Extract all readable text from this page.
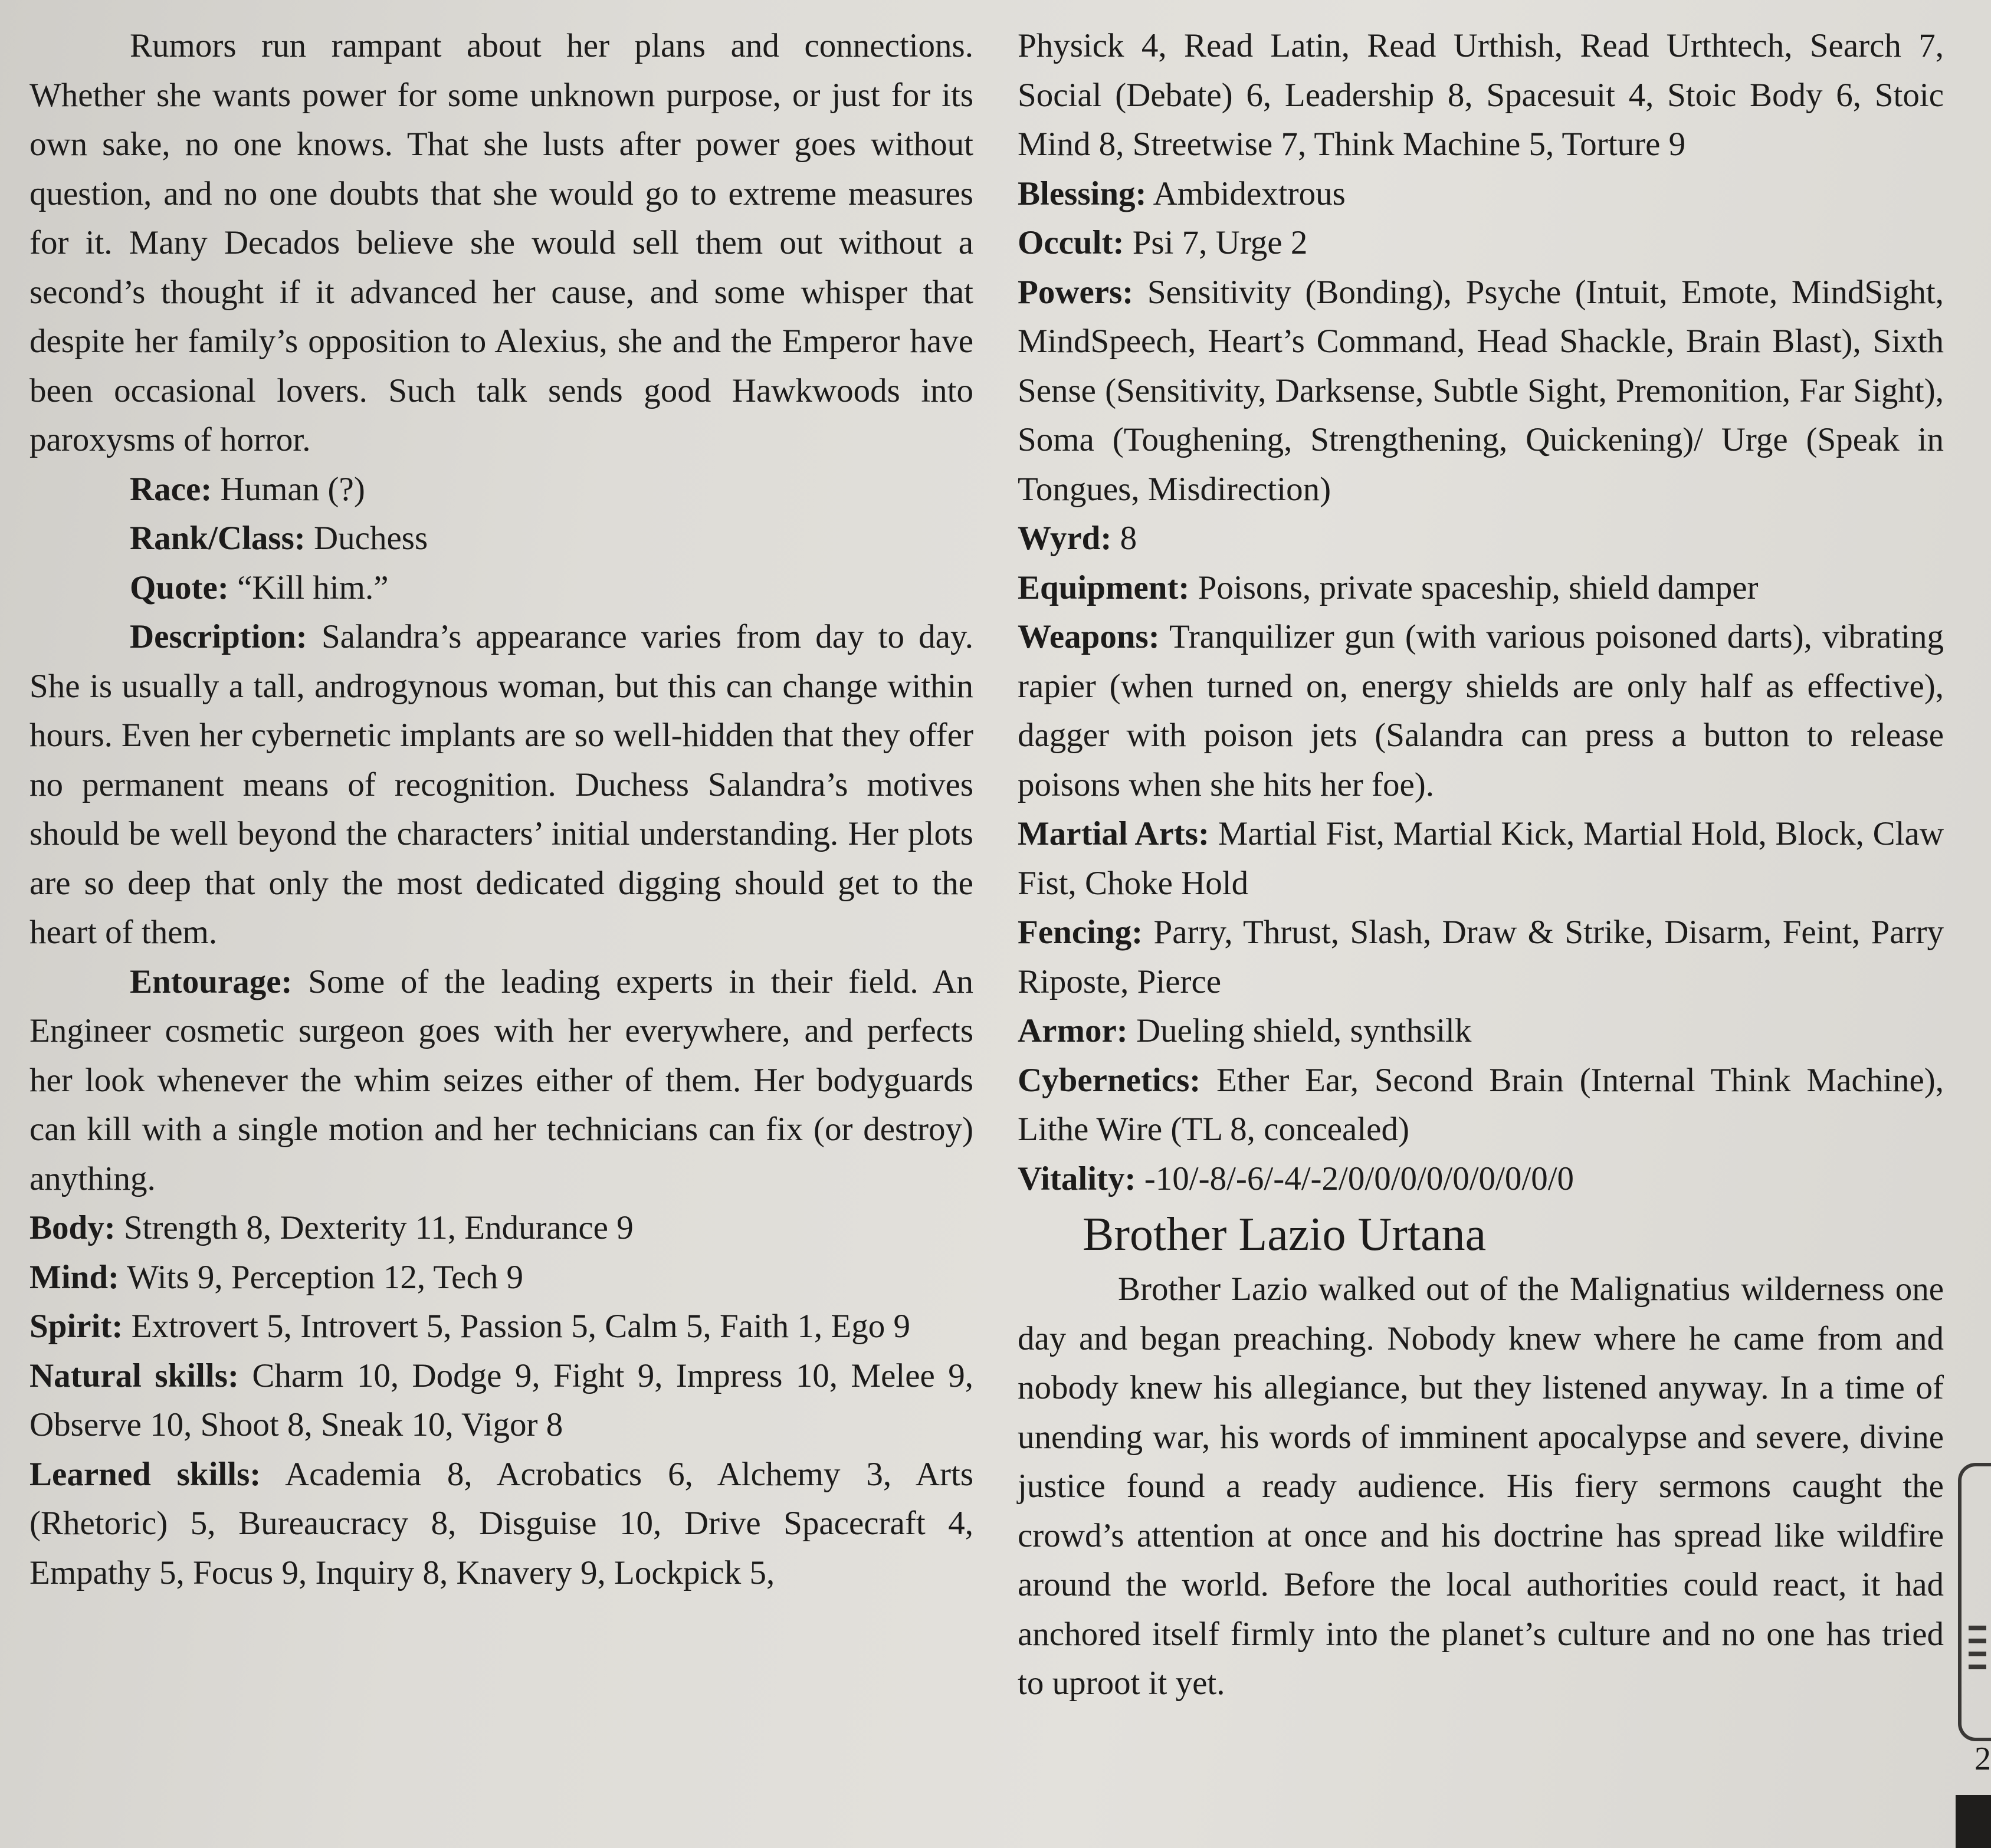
Rumors run rampant about her plans and connections. Whether she wants power for some unknown purpose, or just for its own sake, no one knows. That she lusts after power goes without question, and no one doubts that she would go to extreme measures for it. Many Decados believe she would sell them out without a second’s thought if it advanced her cause, and some whisper that despite her family’s opposition to Alexius, she and the Emperor have been occasional lovers. Such talk sends good Hawkwoods into paroxysms of horror.

Race: Human (?)

Rank/Class: Duchess

Quote: “Kill him.”

Description: Salandra’s appearance varies from day to day. She is usually a tall, androgynous woman, but this can change within hours. Even her cybernetic implants are so well-hidden that they offer no permanent means of recognition. Duchess Salandra’s motives should be well beyond the characters’ initial understanding. Her plots are so deep that only the most dedicated digging should get to the heart of them.

Entourage: Some of the leading experts in their field. An Engineer cosmetic surgeon goes with her everywhere, and perfects her look whenever the whim seizes either of them. Her bodyguards can kill with a single motion and her technicians can fix (or destroy) anything.

Body: Strength 8, Dexterity 11, Endurance 9

Mind: Wits 9, Perception 12, Tech 9

Spirit: Extrovert 5, Introvert 5, Passion 5, Calm 5, Faith 1, Ego 9

Natural skills: Charm 10, Dodge 9, Fight 9, Impress 10, Melee 9, Observe 10, Shoot 8, Sneak 10, Vigor 8

Learned skills: Academia 8, Acrobatics 6, Alchemy 3, Arts (Rhetoric) 5, Bureaucracy 8, Disguise 10, Drive Spacecraft 4, Empathy 5, Focus 9, Inquiry 8, Knavery 9, Lockpick 5,

Physick 4, Read Latin, Read Urthish, Read Urthtech, Search 7, Social (Debate) 6, Leadership 8, Spacesuit 4, Stoic Body 6, Stoic Mind 8, Streetwise 7, Think Machine 5, Torture 9

Blessing: Ambidextrous

Occult: Psi 7, Urge 2

Powers: Sensitivity (Bonding), Psyche (Intuit, Emote, MindSight, MindSpeech, Heart’s Command, Head Shackle, Brain Blast), Sixth Sense (Sensitivity, Darksense, Subtle Sight, Premonition, Far Sight), Soma (Toughening, Strengthening, Quickening)/ Urge (Speak in Tongues, Misdirection)

Wyrd: 8

Equipment: Poisons, private spaceship, shield damper

Weapons: Tranquilizer gun (with various poisoned darts), vibrating rapier (when turned on, energy shields are only half as effective), dagger with poison jets (Salandra can press a button to release poisons when she hits her foe).

Martial Arts: Martial Fist, Martial Kick, Martial Hold, Block, Claw Fist, Choke Hold

Fencing: Parry, Thrust, Slash, Draw & Strike, Disarm, Feint, Parry Riposte, Pierce

Armor: Dueling shield, synthsilk

Cybernetics: Ether Ear, Second Brain (Internal Think Machine), Lithe Wire (TL 8, concealed)

Vitality: -10/-8/-6/-4/-2/0/0/0/0/0/0/0/0/0

Brother Lazio Urtana

Brother Lazio walked out of the Malignatius wilderness one day and began preaching. Nobody knew where he came from and nobody knew his allegiance, but they listened anyway. In a time of unending war, his words of imminent apocalypse and severe, divine justice found a ready audience. His fiery sermons caught the crowd’s attention at once and his doctrine has spread like wildfire around the world. Before the local authorities could react, it had anchored itself firmly into the planet’s culture and no one has tried to uproot it yet.

2
